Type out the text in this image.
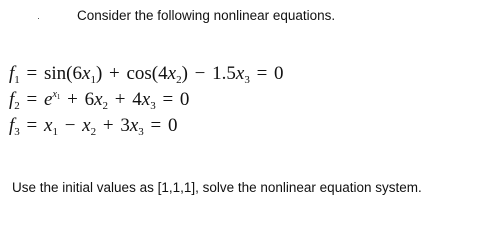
·	Consider the following nonlinear equations.
$f_1 = \sin(6x_1) + \cos(4x_2) - 1.5x_3 = 0$
$f_2 = e^{x_1} + 6x_2 + 4x_3 = 0$
$f_3 = x_1 - x_2 + 3x_3 = 0$
Use the initial values as [1,1,1], solve the nonlinear equation system.
